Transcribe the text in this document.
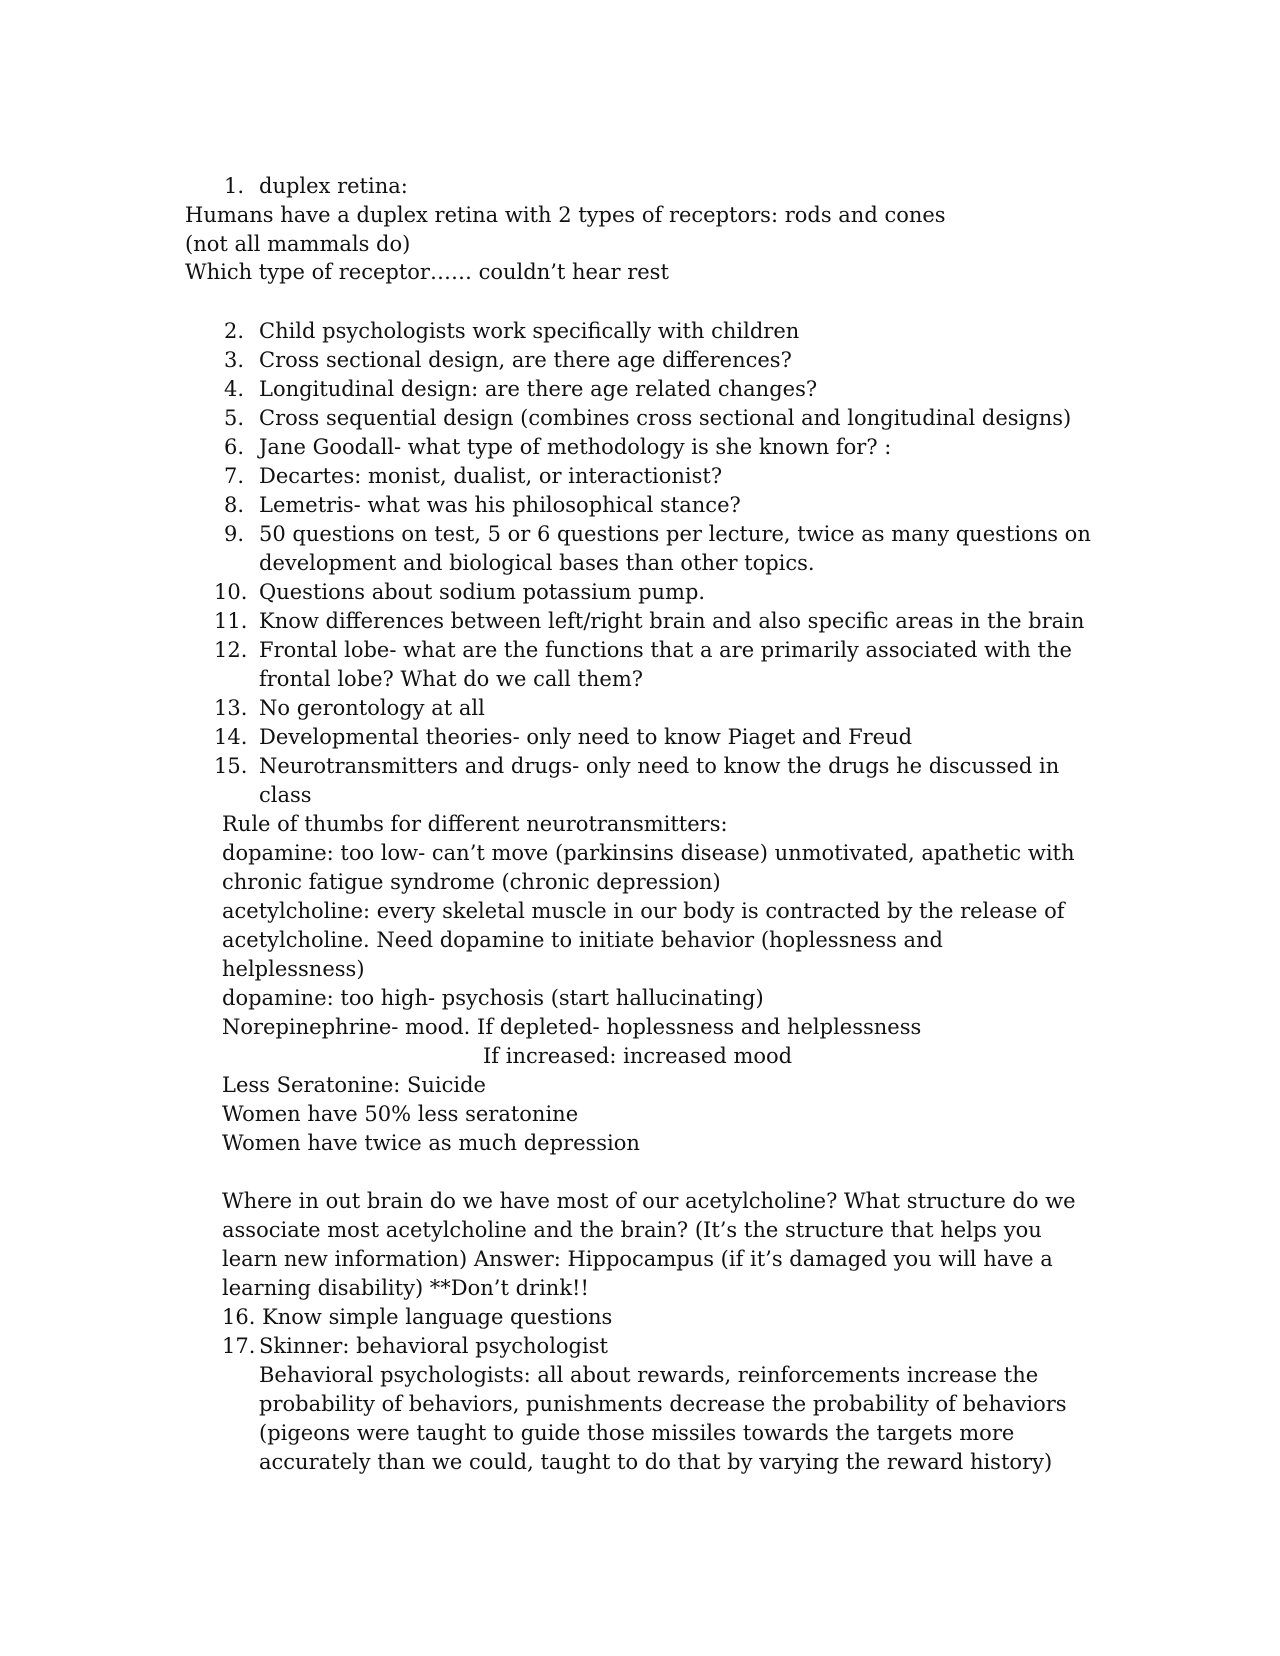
1. duplex retina:
Humans have a duplex retina with 2 types of receptors: rods and cones
(not all mammals do)
Which type of receptor…… couldn’t hear rest
2. Child psychologists work specifically with children
3. Cross sectional design, are there age differences?
4. Longitudinal design: are there age related changes?
5. Cross sequential design (combines cross sectional and longitudinal designs)
6. Jane Goodall- what type of methodology is she known for? :
7. Decartes: monist, dualist, or interactionist?
8. Lemetris- what was his philosophical stance?
9. 50 questions on test, 5 or 6 questions per lecture, twice as many questions on
development and biological bases than other topics.
10. Questions about sodium potassium pump.
11. Know differences between left/right brain and also specific areas in the brain
12. Frontal lobe- what are the functions that a are primarily associated with the
frontal lobe? What do we call them?
13. No gerontology at all
14. Developmental theories- only need to know Piaget and Freud
15. Neurotransmitters and drugs- only need to know the drugs he discussed in
class
Rule of thumbs for different neurotransmitters:
dopamine: too low- can’t move (parkinsins disease) unmotivated, apathetic with
chronic fatigue syndrome (chronic depression)
acetylcholine: every skeletal muscle in our body is contracted by the release of
acetylcholine. Need dopamine to initiate behavior (hoplessness and
helplessness)
dopamine: too high- psychosis (start hallucinating)
Norepinephrine- mood. If depleted- hoplessness and helplessness
If increased: increased mood
Less Seratonine: Suicide
Women have 50% less seratonine
Women have twice as much depression
Where in out brain do we have most of our acetylcholine? What structure do we
associate most acetylcholine and the brain? (It’s the structure that helps you
learn new information) Answer: Hippocampus (if it’s damaged you will have a
learning disability) **Don’t drink!!
16. Know simple language questions
17. Skinner: behavioral psychologist
Behavioral psychologists: all about rewards, reinforcements increase the
probability of behaviors, punishments decrease the probability of behaviors
(pigeons were taught to guide those missiles towards the targets more
accurately than we could, taught to do that by varying the reward history)
